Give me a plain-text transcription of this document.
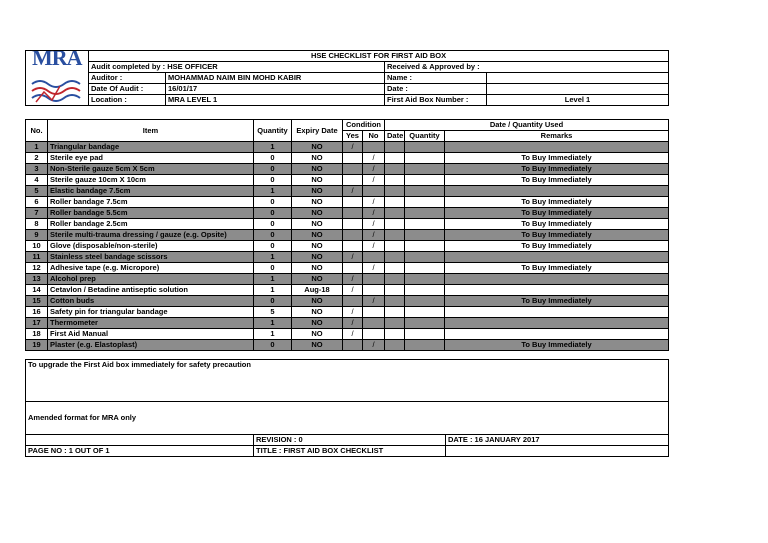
MRA	HSE CHECKLIST FOR FIRST AID BOX			
	Audit completed by : HSE OFFICER		Received & Approved by :	
	Auditor :	MOHAMMAD NAIM BIN MOHD KABIR	Name :	
	Date Of Audit :	16/01/17	Date :	
	Location :	MRA LEVEL 1	First Aid Box Number :	Level 1
No.	Item	Quantity	Expiry Date	Condition		Date / Quantity Used		
				Yes	No	Date	Quantity	Remarks
1	Triangular bandage	1	NO	/				
2	Sterile eye pad	0	NO		/			To Buy Immediately
3	Non-Sterile gauze 5cm X 5cm	0	NO		/			To Buy Immediately
4	Sterile gauze 10cm X 10cm	0	NO		/			To Buy Immediately
5	Elastic bandage 7.5cm	1	NO	/				
6	Roller bandage 7.5cm	0	NO		/			To Buy Immediately
7	Roller bandage 5.5cm	0	NO		/			To Buy Immediately
8	Roller bandage 2.5cm	0	NO		/			To Buy Immediately
9	Sterile multi-trauma dressing / gauze (e.g. Opsite)	0	NO		/			To Buy Immediately
10	Glove (disposable/non-sterile)	0	NO		/			To Buy Immediately
11	Stainless steel bandage scissors	1	NO	/				
12	Adhesive tape (e.g. Micropore)	0	NO		/			To Buy Immediately
13	Alcohol prep	1	NO	/				
14	Cetavlon / Betadine antiseptic solution	1	Aug-18	/				
15	Cotton buds	0	NO		/			To Buy Immediately
16	Safety pin for triangular bandage	5	NO	/				
17	Thermometer	1	NO	/				
18	First Aid Manual	1	NO	/				
19	Plaster (e.g. Elastoplast)	0	NO		/			To Buy Immediately
To upgrade the First Aid box immediately for safety precaution		
Amended format for MRA only		
	REVISION : 0	DATE : 16 JANUARY 2017
PAGE NO : 1 OUT OF 1	TITLE : FIRST AID BOX CHECKLIST	
